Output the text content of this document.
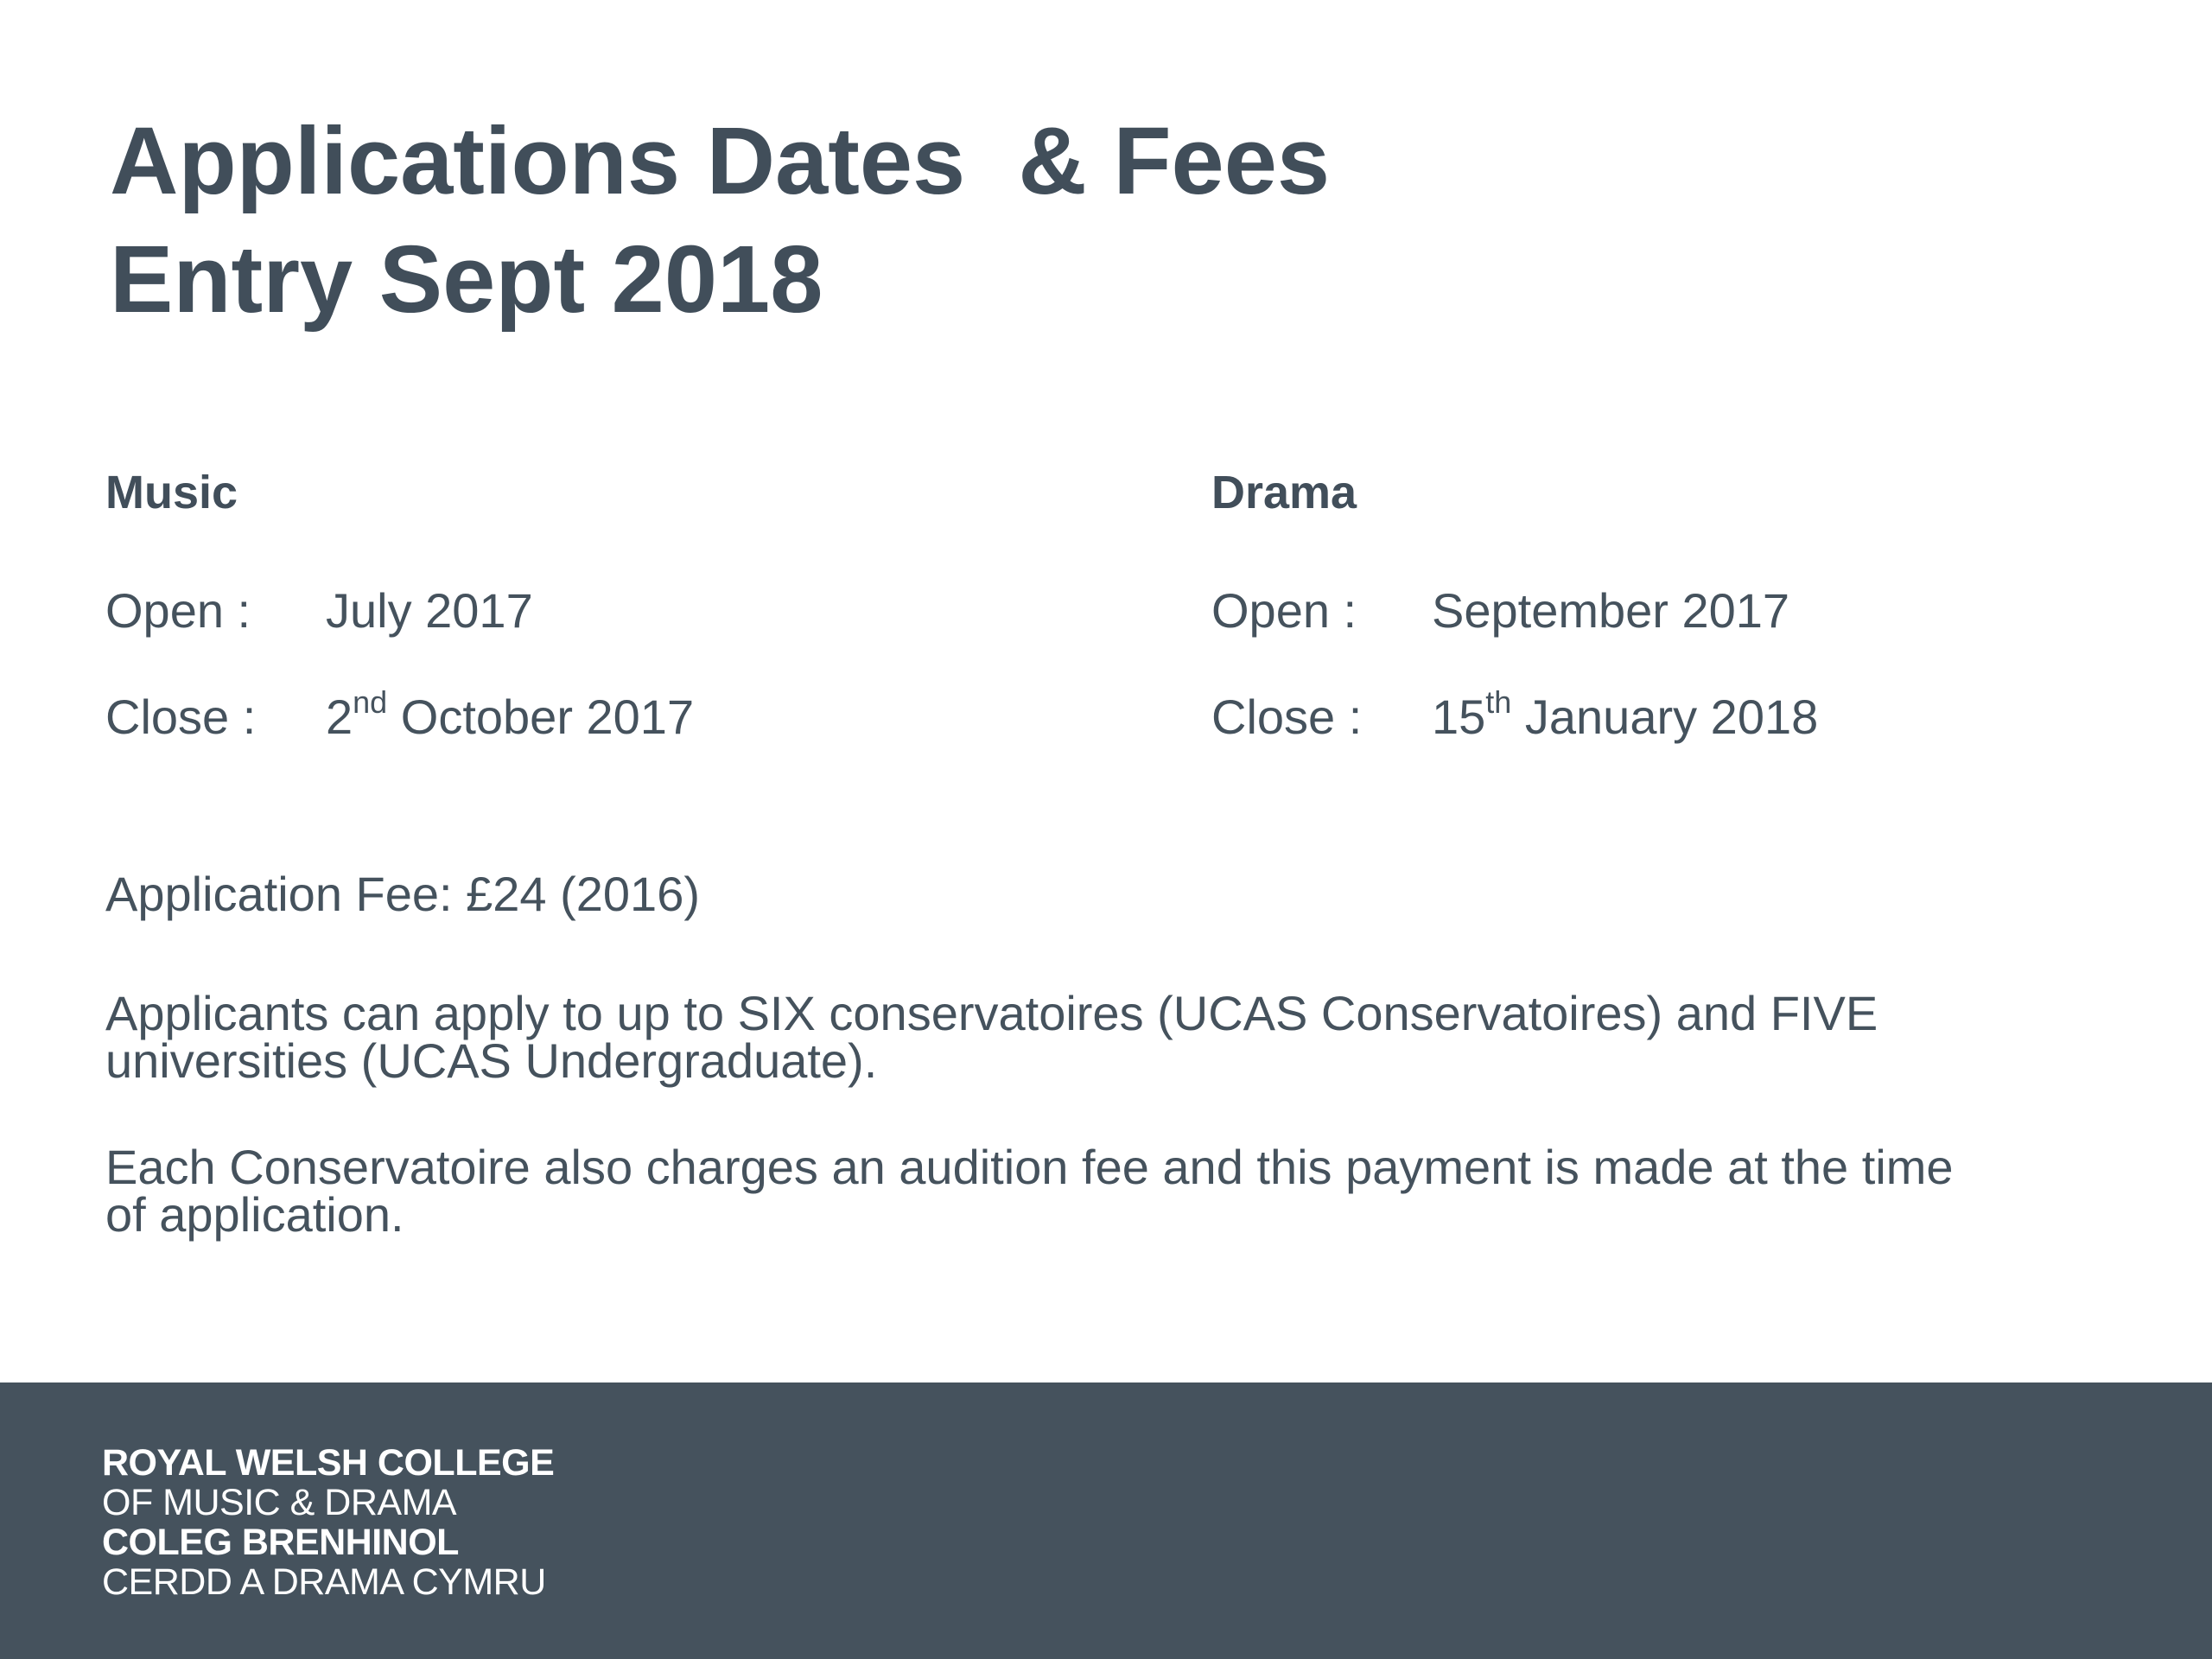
Applications Dates  & Fees
Entry Sept 2018
Music
Open : July 2017
Close : 2nd October 2017
Drama
Open : September 2017
Close : 15th January 2018

Application Fee: £24 (2016)

Applicants can apply to up to SIX conservatoires (UCAS Conservatoires) and FIVE universities (UCAS Undergraduate).

Each Conservatoire also charges an audition fee and this payment is made at the time of application.

ROYAL WELSH COLLEGE
OF MUSIC & DRAMA
COLEG BRENHINOL
CERDD A DRAMA CYMRU
